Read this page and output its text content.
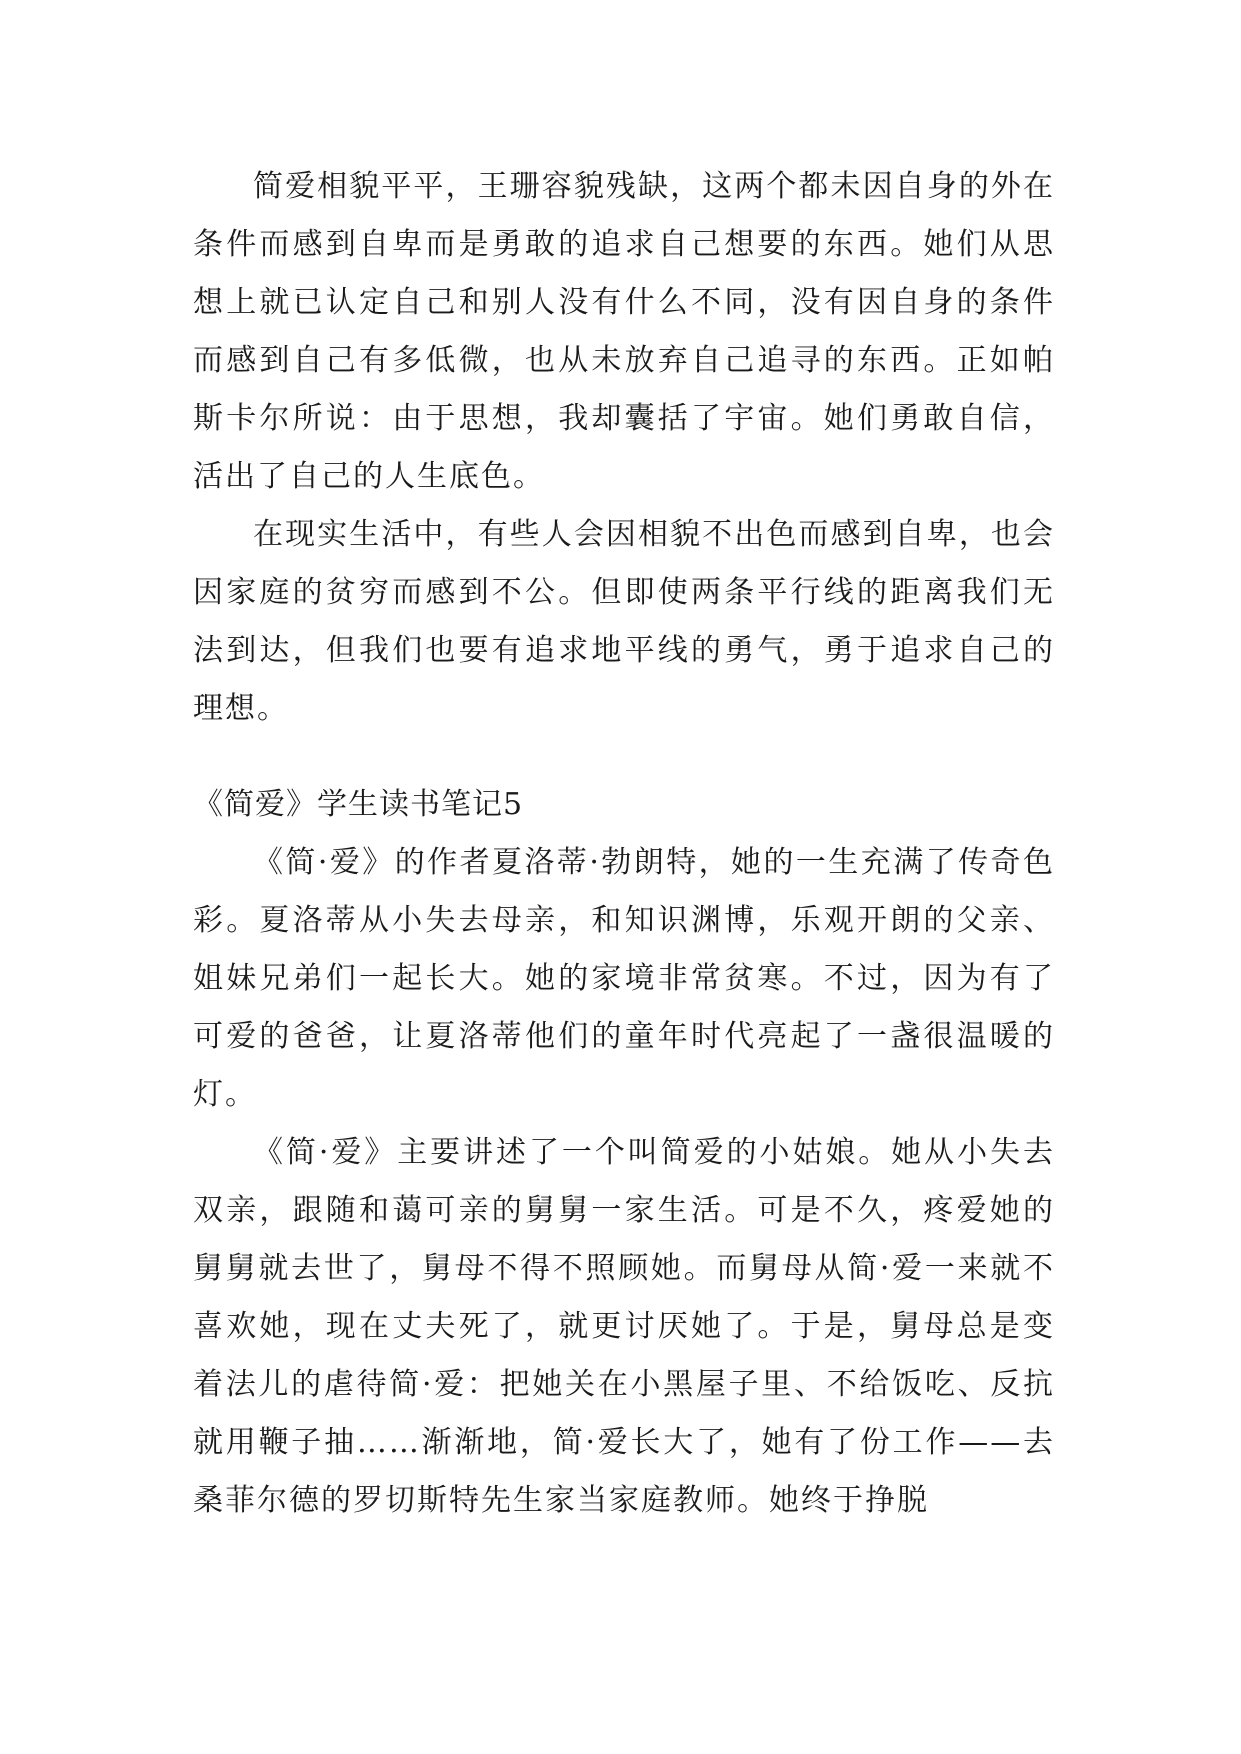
简爱相貌平平，王珊容貌残缺，这两个都未因自身的外在条件而感到自卑而是勇敢的追求自己想要的东西。她们从思想上就已认定自己和别人没有什么不同，没有因自身的条件而感到自己有多低微，也从未放弃自己追寻的东西。正如帕斯卡尔所说：由于思想，我却囊括了宇宙。她们勇敢自信，活出了自己的人生底色。

在现实生活中，有些人会因相貌不出色而感到自卑，也会因家庭的贫穷而感到不公。但即使两条平行线的距离我们无法到达，但我们也要有追求地平线的勇气，勇于追求自己的理想。

《简爱》学生读书笔记5

《简·爱》的作者夏洛蒂·勃朗特，她的一生充满了传奇色彩。夏洛蒂从小失去母亲，和知识渊博，乐观开朗的父亲、姐妹兄弟们一起长大。她的家境非常贫寒。不过，因为有了可爱的爸爸，让夏洛蒂他们的童年时代亮起了一盏很温暖的灯。

《简·爱》主要讲述了一个叫简爱的小姑娘。她从小失去双亲，跟随和蔼可亲的舅舅一家生活。可是不久，疼爱她的舅舅就去世了，舅母不得不照顾她。而舅母从简·爱一来就不喜欢她，现在丈夫死了，就更讨厌她了。于是，舅母总是变着法儿的虐待简·爱：把她关在小黑屋子里、不给饭吃、反抗就用鞭子抽……渐渐地，简·爱长大了，她有了份工作——去桑菲尔德的罗切斯特先生家当家庭教师。她终于挣脱
